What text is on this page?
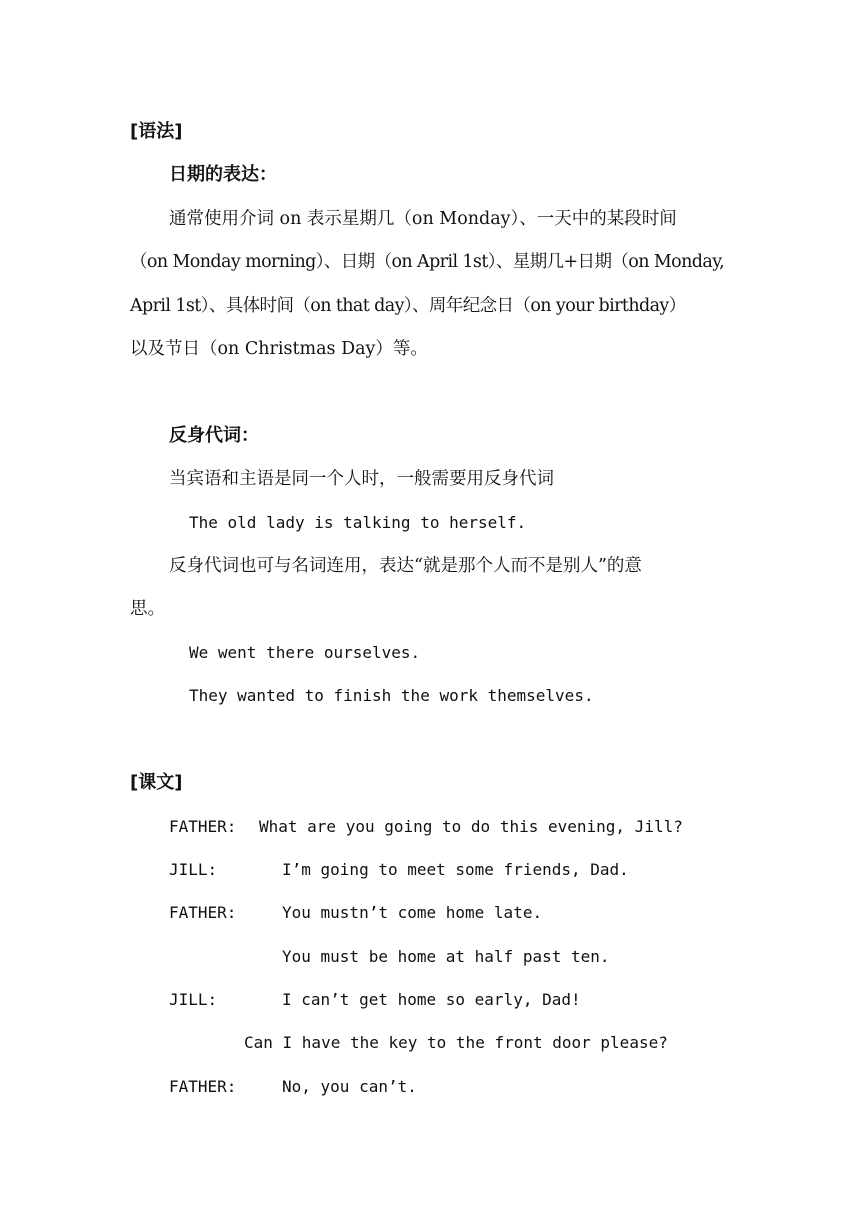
[语法]
日期的表达：
通常使用介词 on 表示星期几（on Monday）、一天中的某段时间
（on Monday morning）、日期（on April 1st）、星期几+日期（on Monday,
April 1st）、具体时间（on that day）、周年纪念日（on your birthday）
以及节日（on Christmas Day）等。
反身代词：
当宾语和主语是同一个人时，一般需要用反身代词
The old lady is talking to herself.
反身代词也可与名词连用，表达“就是那个人而不是别人”的意
思。
We went there ourselves.
They wanted to finish the work themselves.
[课文]
FATHER: What are you going to do this evening, Jill?
JILL:	I’m going to meet some friends, Dad.
FATHER:	You mustn’t come home late.
You must be home at half past ten.
JILL:	I can’t get home so early, Dad!
Can I have the key to the front door please?
FATHER:	No, you can’t.
